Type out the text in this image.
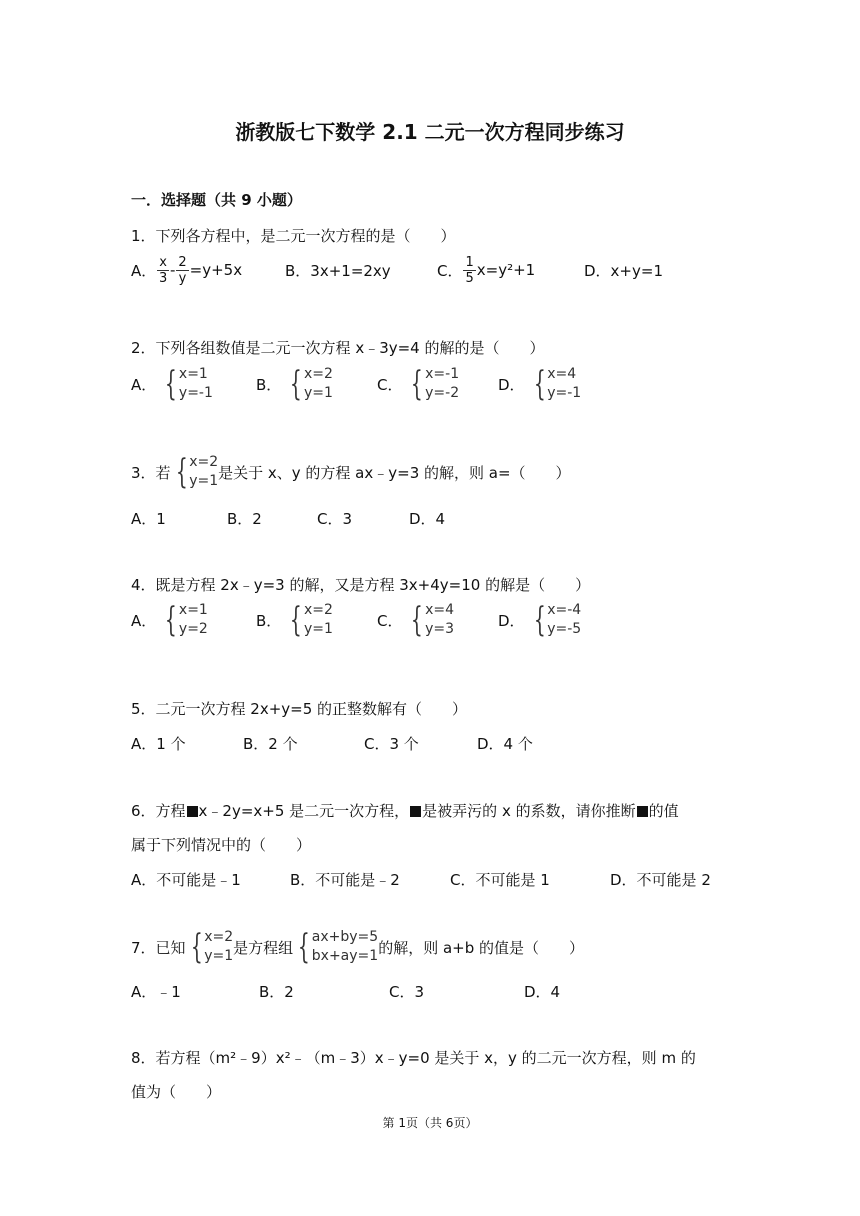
浙教版七下数学 2.1 二元一次方程同步练习
一．选择题（共 9 小题）
1．下列各方程中，是二元一次方程的是（　　）
A． $\frac{x}{3} - \frac{2}{y} =y+5x$	B．3x+1=2xy	C． $\frac{1}{5} x=y^2+1$	D．x+y=1
2．下列各组数值是二元一次方程 x﹣3y=4 的解的是（　　）
A． { x=1
y=-1	B． { x=2
y=1	C． { x=-1
y=-2	D． { x=4
y=-1
3．若 { x=2
y=1 是关于 x、y 的方程 ax﹣y=3 的解，则 a=（　　）
A．1	B．2	C．3	D．4
4．既是方程 2x﹣y=3 的解，又是方程 3x+4y=10 的解是（　　）
A． { x=1
y=2	B． { x=2
y=1	C． { x=4
y=3	D． { x=-4
y=-5
5．二元一次方程 2x+y=5 的正整数解有（　　）
A．1 个	B．2 个	C．3 个	D．4 个
6．方程 x﹣2y=x+5 是二元一次方程， 是被弄污的 x 的系数，请你推断 的值
属于下列情况中的（　　）
A．不可能是﹣1	B．不可能是﹣2	C．不可能是 1	D．不可能是 2
7．已知 { x=2
y=1 是方程组 { ax+by=5
bx+ay=1 的解，则 a+b 的值是（　　）
A．﹣1	B．2	C．3	D．4
8．若方程（m²﹣9）x²﹣（m﹣3）x﹣y=0 是关于 x，y 的二元一次方程，则 m 的
值为（　　）
第 1页（共 6页）
